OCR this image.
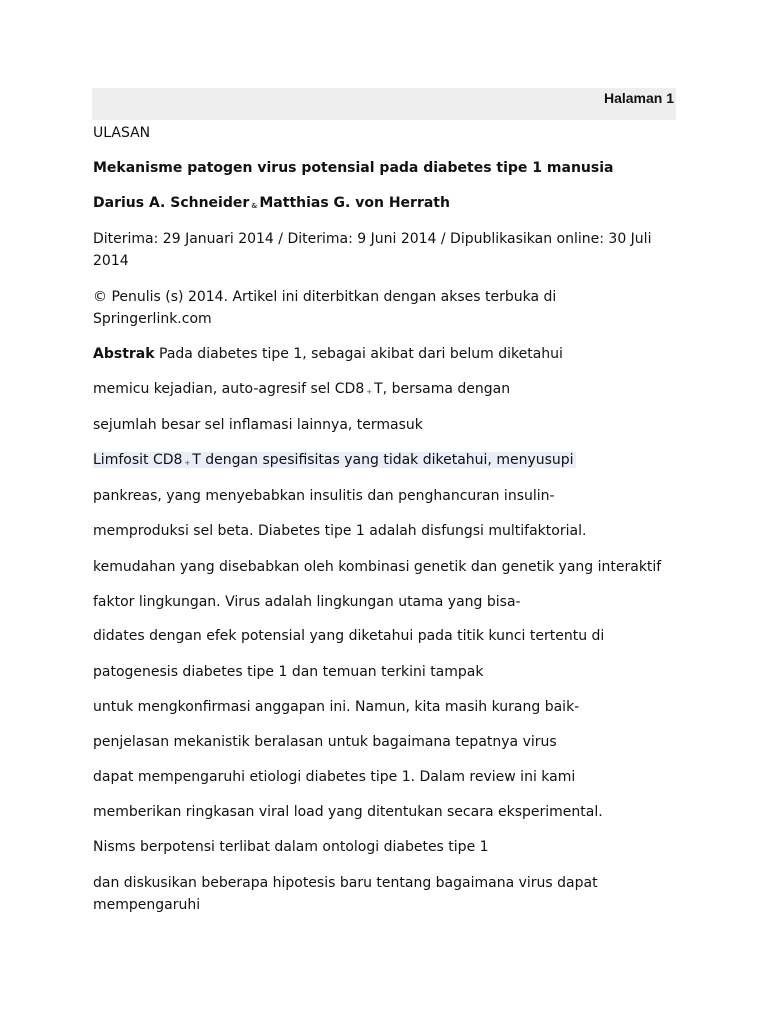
Halaman 1
ULASAN
Mekanisme patogen virus potensial pada diabetes tipe 1 manusia
Darius A. Schneider & Matthias G. von Herrath
Diterima: 29 Januari 2014 / Diterima: 9 Juni 2014 / Dipublikasikan online: 30 Juli 2014
© Penulis (s) 2014. Artikel ini diterbitkan dengan akses terbuka di Springerlink.com
Abstrak Pada diabetes tipe 1, sebagai akibat dari belum diketahui
memicu kejadian, auto-agresif sel CD8 + T, bersama dengan
sejumlah besar sel inflamasi lainnya, termasuk
Limfosit CD8 + T dengan spesifisitas yang tidak diketahui, menyusupi
pankreas, yang menyebabkan insulitis dan penghancuran insulin-
memproduksi sel beta. Diabetes tipe 1 adalah disfungsi multifaktorial.
kemudahan yang disebabkan oleh kombinasi genetik dan genetik yang interaktif
faktor lingkungan. Virus adalah lingkungan utama yang bisa-
didates dengan efek potensial yang diketahui pada titik kunci tertentu di
patogenesis diabetes tipe 1 dan temuan terkini tampak
untuk mengkonfirmasi anggapan ini. Namun, kita masih kurang baik-
penjelasan mekanistik beralasan untuk bagaimana tepatnya virus
dapat mempengaruhi etiologi diabetes tipe 1. Dalam review ini kami
memberikan ringkasan viral load yang ditentukan secara eksperimental.
Nisms berpotensi terlibat dalam ontologi diabetes tipe 1
dan diskusikan beberapa hipotesis baru tentang bagaimana virus dapat mempengaruhi
